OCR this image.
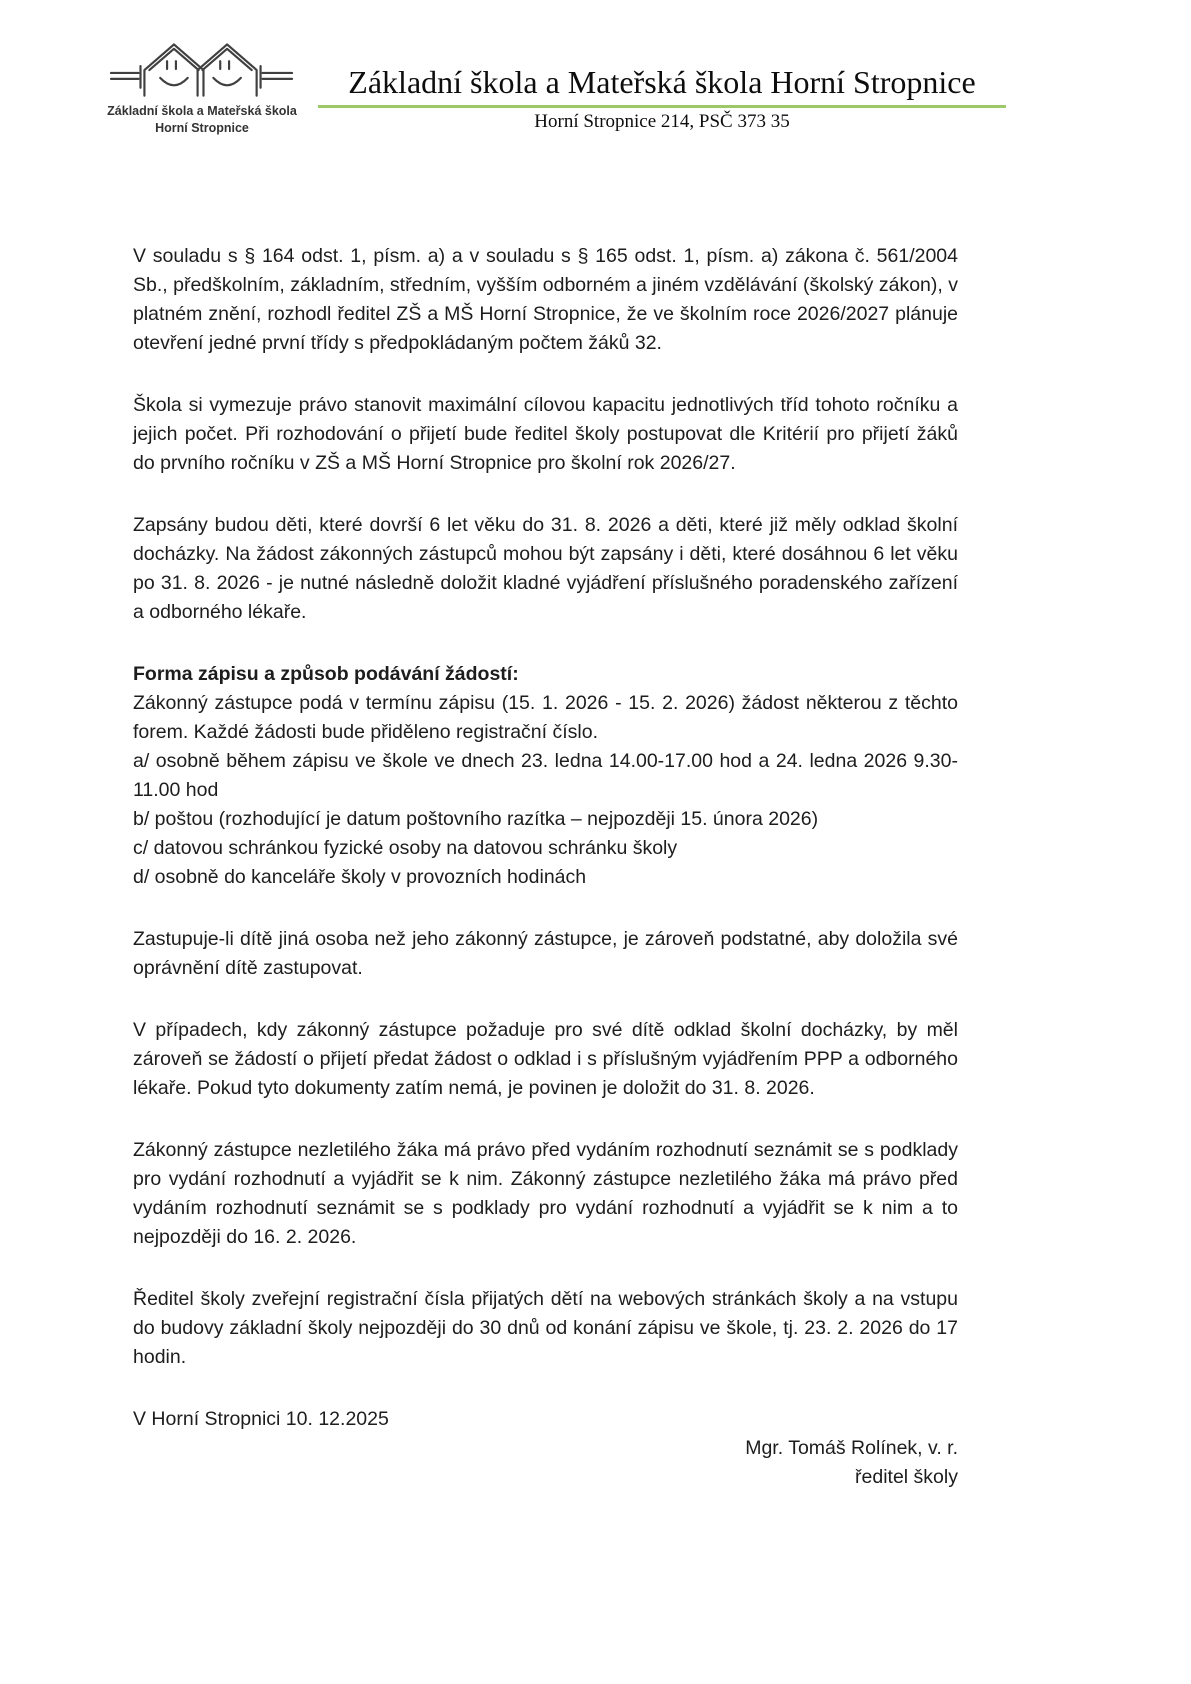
Základní škola a Mateřská škola
Horní Stropnice
Základní škola a Mateřská škola Horní Stropnice
Horní Stropnice 214, PSČ 373 35

V souladu s § 164 odst. 1, písm. a) a v souladu s § 165 odst. 1, písm. a) zákona č. 561/2004 Sb., předškolním, základním, středním, vyšším odborném a jiném vzdělávání (školský zákon), v platném znění, rozhodl ředitel ZŠ a MŠ Horní Stropnice, že ve školním roce 2026/2027 plánuje otevření jedné první třídy s předpokládaným počtem žáků 32.

Škola si vymezuje právo stanovit maximální cílovou kapacitu jednotlivých tříd tohoto ročníku a jejich počet. Při rozhodování o přijetí bude ředitel školy postupovat dle Kritérií pro přijetí žáků do prvního ročníku v ZŠ a MŠ Horní Stropnice pro školní rok 2026/27.

Zapsány budou děti, které dovrší 6 let věku do 31. 8. 2026 a děti, které již měly odklad školní docházky. Na žádost zákonných zástupců mohou být zapsány i děti, které dosáhnou 6 let věku po 31. 8. 2026 - je nutné následně doložit kladné vyjádření příslušného poradenského zařízení a odborného lékaře.

Forma zápisu a způsob podávání žádostí:

Zákonný zástupce podá v termínu zápisu (15. 1. 2026 - 15. 2. 2026) žádost některou z těchto forem. Každé žádosti bude přiděleno registrační číslo.

a/ osobně během zápisu ve škole ve dnech 23. ledna 14.00-17.00 hod a 24. ledna 2026 9.30-11.00 hod

b/ poštou (rozhodující je datum poštovního razítka – nejpozději 15. února 2026)

c/ datovou schránkou fyzické osoby na datovou schránku školy

d/ osobně do kanceláře školy v provozních hodinách

Zastupuje-li dítě jiná osoba než jeho zákonný zástupce, je zároveň podstatné, aby doložila své oprávnění dítě zastupovat.

V případech, kdy zákonný zástupce požaduje pro své dítě odklad školní docházky, by měl zároveň se žádostí o přijetí předat žádost o odklad i s příslušným vyjádřením PPP a odborného lékaře. Pokud tyto dokumenty zatím nemá, je povinen je doložit do 31. 8. 2026.

Zákonný zástupce nezletilého žáka má právo před vydáním rozhodnutí seznámit se s podklady pro vydání rozhodnutí a vyjádřit se k nim. Zákonný zástupce nezletilého žáka má právo před vydáním rozhodnutí seznámit se s podklady pro vydání rozhodnutí a vyjádřit se k nim a to nejpozději do 16. 2. 2026.

Ředitel školy zveřejní registrační čísla přijatých dětí na webových stránkách školy a na vstupu do budovy základní školy nejpozději do 30 dnů od konání zápisu ve škole, tj. 23. 2. 2026 do 17 hodin.

V Horní Stropnici 10. 12.2025

Mgr. Tomáš Rolínek, v. r.

ředitel školy
